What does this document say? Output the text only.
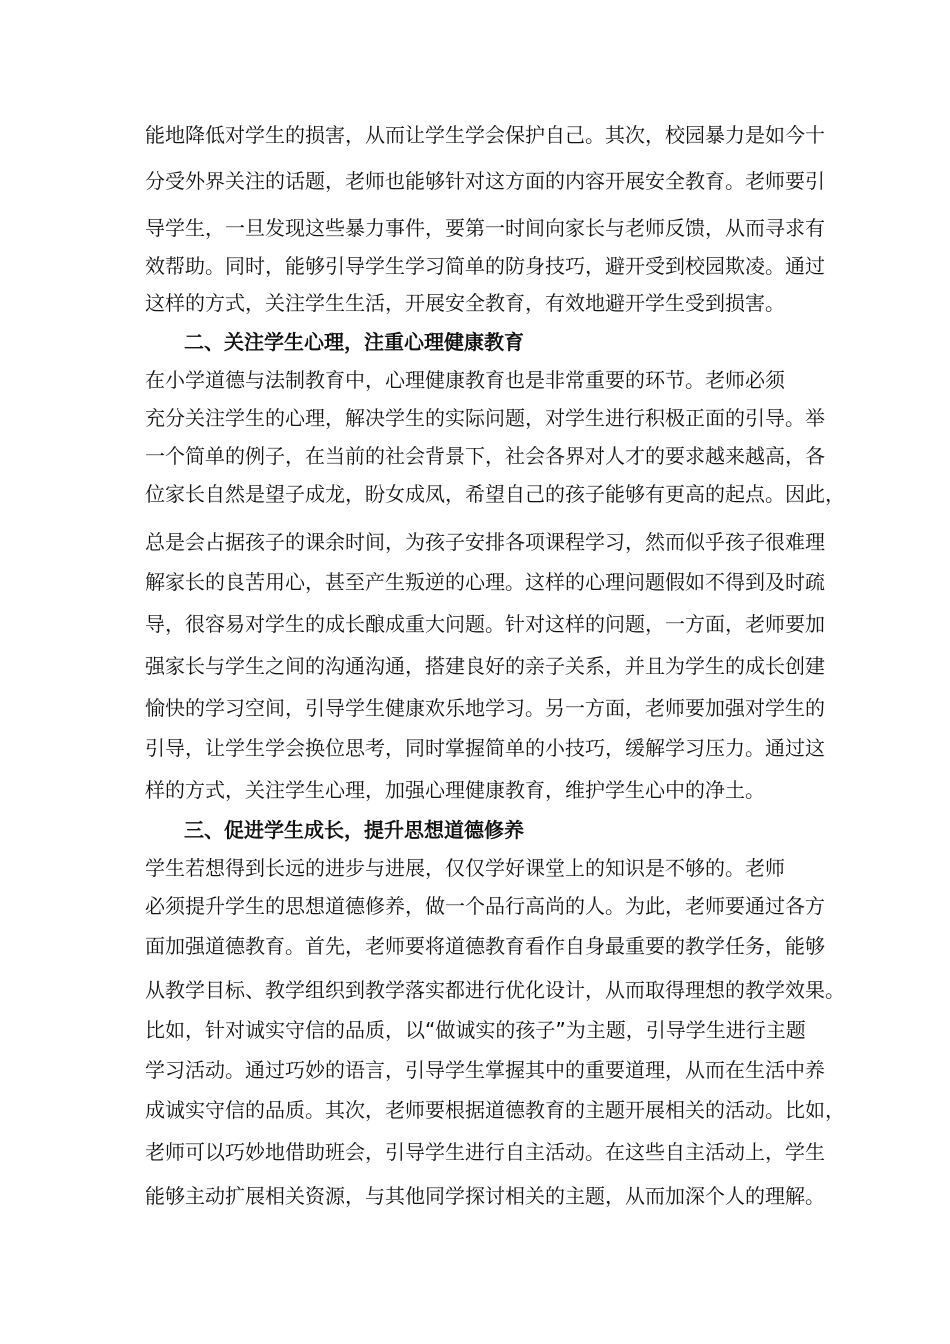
能地降低对学生的损害，从而让学生学会保护自己。其次，校园暴力是如今十
分受外界关注的话题，老师也能够针对这方面的内容开展安全教育。老师要引
导学生，一旦发现这些暴力事件，要第一时间向家长与老师反馈，从而寻求有
效帮助。同时，能够引导学生学习简单的防身技巧，避开受到校园欺凌。通过
这样的方式，关注学生生活，开展安全教育，有效地避开学生受到损害。
二、关注学生心理，注重心理健康教育
在小学道德与法制教育中，心理健康教育也是非常重要的环节。老师必须
充分关注学生的心理，解决学生的实际问题，对学生进行积极正面的引导。举
一个简单的例子，在当前的社会背景下，社会各界对人才的要求越来越高，各
位家长自然是望子成龙，盼女成凤，希望自己的孩子能够有更高的起点。因此，
总是会占据孩子的课余时间，为孩子安排各项课程学习，然而似乎孩子很难理
解家长的良苦用心，甚至产生叛逆的心理。这样的心理问题假如不得到及时疏
导，很容易对学生的成长酿成重大问题。针对这样的问题，一方面，老师要加
强家长与学生之间的沟通沟通，搭建良好的亲子关系，并且为学生的成长创建
愉快的学习空间，引导学生健康欢乐地学习。另一方面，老师要加强对学生的
引导，让学生学会换位思考，同时掌握简单的小技巧，缓解学习压力。通过这
样的方式，关注学生心理，加强心理健康教育，维护学生心中的净土。
三、促进学生成长，提升思想道德修养
学生若想得到长远的进步与进展，仅仅学好课堂上的知识是不够的。老师
必须提升学生的思想道德修养，做一个品行高尚的人。为此，老师要通过各方
面加强道德教育。首先，老师要将道德教育看作自身最重要的教学任务，能够
从教学目标、教学组织到教学落实都进行优化设计，从而取得理想的教学效果。
比如，针对诚实守信的品质，以“做诚实的孩子”为主题，引导学生进行主题
学习活动。通过巧妙的语言，引导学生掌握其中的重要道理，从而在生活中养
成诚实守信的品质。其次，老师要根据道德教育的主题开展相关的活动。比如，
老师可以巧妙地借助班会，引导学生进行自主活动。在这些自主活动上，学生
能够主动扩展相关资源，与其他同学探讨相关的主题，从而加深个人的理解。
